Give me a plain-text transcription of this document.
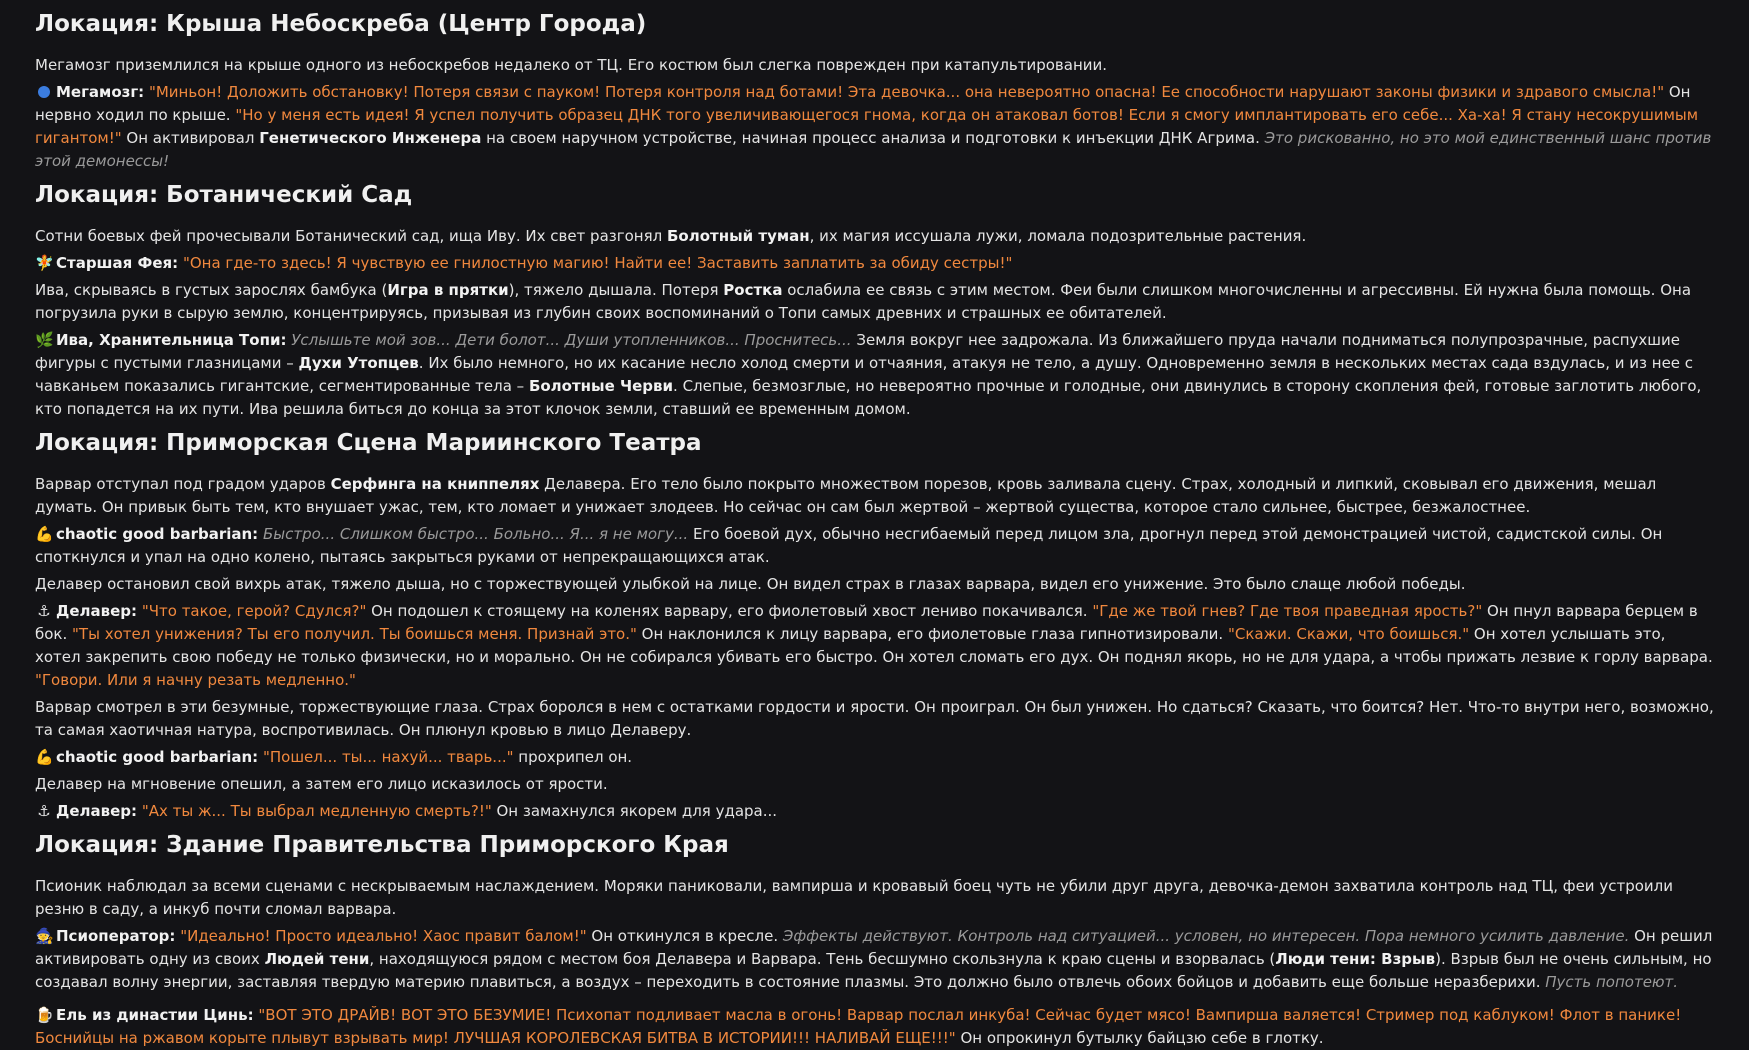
Локация: Крыша Небоскреба (Центр Города)

Мегамозг приземлился на крыше одного из небоскребов недалеко от ТЦ. Его костюм был слегка поврежден при катапультировании.

Мегамозг: "Миньон! Доложить обстановку! Потеря связи с пауком! Потеря контроля над ботами! Эта девочка... она невероятно опасна! Ее способности нарушают законы физики и здравого смысла!" Он нервно ходил по крыше. "Но у меня есть идея! Я успел получить образец ДНК того увеличивающегося гнома, когда он атаковал ботов! Если я смогу имплантировать его себе... Ха-ха! Я стану несокрушимым гигантом!" Он активировал Генетического Инженера на своем наручном устройстве, начиная процесс анализа и подготовки к инъекции ДНК Агрима. Это рискованно, но это мой единственный шанс против этой демонессы!

Локация: Ботанический Сад

Сотни боевых фей прочесывали Ботанический сад, ища Иву. Их свет разгонял Болотный туман, их магия иссушала лужи, ломала подозрительные растения.

🧚 Старшая Фея: "Она где-то здесь! Я чувствую ее гнилостную магию! Найти ее! Заставить заплатить за обиду сестры!"

Ива, скрываясь в густых зарослях бамбука (Игра в прятки), тяжело дышала. Потеря Ростка ослабила ее связь с этим местом. Феи были слишком многочисленны и агрессивны. Ей нужна была помощь. Она погрузила руки в сырую землю, концентрируясь, призывая из глубин своих воспоминаний о Топи самых древних и страшных ее обитателей.

🌿 Ива, Хранительница Топи: Услышьте мой зов... Дети болот... Души утопленников... Проснитесь... Земля вокруг нее задрожала. Из ближайшего пруда начали подниматься полупрозрачные, распухшие фигуры с пустыми глазницами – Духи Утопцев. Их было немного, но их касание несло холод смерти и отчаяния, атакуя не тело, а душу. Одновременно земля в нескольких местах сада вздулась, и из нее с чавканьем показались гигантские, сегментированные тела – Болотные Черви. Слепые, безмозглые, но невероятно прочные и голодные, они двинулись в сторону скопления фей, готовые заглотить любого, кто попадется на их пути. Ива решила биться до конца за этот клочок земли, ставший ее временным домом.

Локация: Приморская Сцена Мариинского Театра

Варвар отступал под градом ударов Серфинга на книппелях Делавера. Его тело было покрыто множеством порезов, кровь заливала сцену. Страх, холодный и липкий, сковывал его движения, мешал думать. Он привык быть тем, кто внушает ужас, тем, кто ломает и унижает злодеев. Но сейчас он сам был жертвой – жертвой существа, которое стало сильнее, быстрее, безжалостнее.

💪 chaotic good barbarian: Быстро... Слишком быстро... Больно... Я... я не могу... Его боевой дух, обычно несгибаемый перед лицом зла, дрогнул перед этой демонстрацией чистой, садистской силы. Он споткнулся и упал на одно колено, пытаясь закрыться руками от непрекращающихся атак.

Делавер остановил свой вихрь атак, тяжело дыша, но с торжествующей улыбкой на лице. Он видел страх в глазах варвара, видел его унижение. Это было слаще любой победы.

⚓ Делавер: "Что такое, герой? Сдулся?" Он подошел к стоящему на коленях варвару, его фиолетовый хвост лениво покачивался. "Где же твой гнев? Где твоя праведная ярость?" Он пнул варвара берцем в бок. "Ты хотел унижения? Ты его получил. Ты боишься меня. Признай это." Он наклонился к лицу варвара, его фиолетовые глаза гипнотизировали. "Скажи. Скажи, что боишься." Он хотел услышать это, хотел закрепить свою победу не только физически, но и морально. Он не собирался убивать его быстро. Он хотел сломать его дух. Он поднял якорь, но не для удара, а чтобы прижать лезвие к горлу варвара. "Говори. Или я начну резать медленно."

Варвар смотрел в эти безумные, торжествующие глаза. Страх боролся в нем с остатками гордости и ярости. Он проиграл. Он был унижен. Но сдаться? Сказать, что боится? Нет. Что-то внутри него, возможно, та самая хаотичная натура, воспротивилась. Он плюнул кровью в лицо Делаверу.

💪 chaotic good barbarian: "Пошел... ты... нахуй... тварь..." прохрипел он.

Делавер на мгновение опешил, а затем его лицо исказилось от ярости.

⚓ Делавер: "Ах ты ж... Ты выбрал медленную смерть?!" Он замахнулся якорем для удара...

Локация: Здание Правительства Приморского Края

Псионик наблюдал за всеми сценами с нескрываемым наслаждением. Моряки паниковали, вампирша и кровавый боец чуть не убили друг друга, девочка-демон захватила контроль над ТЦ, феи устроили резню в саду, а инкуб почти сломал варвара.

🧙 Псиоператор: "Идеально! Просто идеально! Хаос правит балом!" Он откинулся в кресле. Эффекты действуют. Контроль над ситуацией... условен, но интересен. Пора немного усилить давление. Он решил активировать одну из своих Людей тени, находящуюся рядом с местом боя Делавера и Варвара. Тень бесшумно скользнула к краю сцены и взорвалась (Люди тени: Взрыв). Взрыв был не очень сильным, но создавал волну энергии, заставляя твердую материю плавиться, а воздух – переходить в состояние плазмы. Это должно было отвлечь обоих бойцов и добавить еще больше неразберихи. Пусть попотеют.

🍺 Ель из династии Цинь: "ВОТ ЭТО ДРАЙВ! ВОТ ЭТО БЕЗУМИЕ! Психопат подливает масла в огонь! Варвар послал инкуба! Сейчас будет мясо! Вампирша валяется! Стример под каблуком! Флот в панике! Боснийцы на ржавом корыте плывут взрывать мир! ЛУЧШАЯ КОРОЛЕВСКАЯ БИТВА В ИСТОРИИ!!! НАЛИВАЙ ЕЩЕ!!!" Он опрокинул бутылку байцзю себе в глотку.
